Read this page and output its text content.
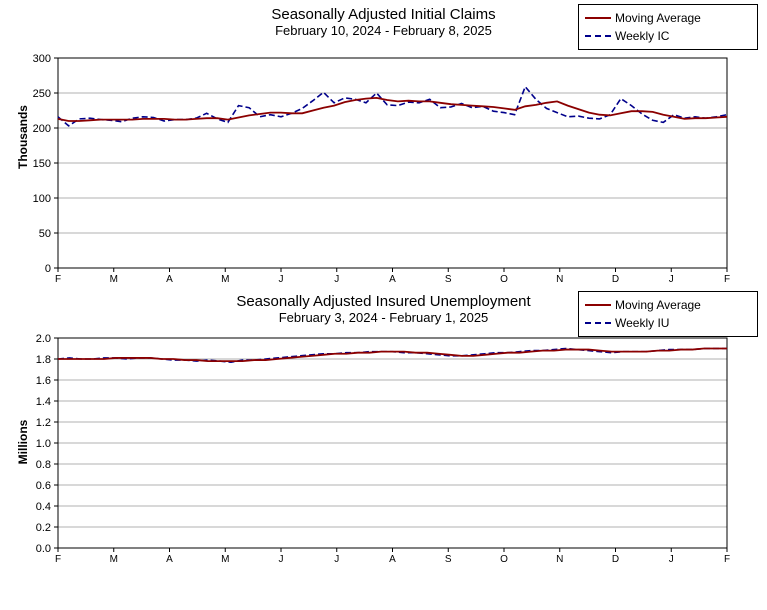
Seasonally Adjusted Initial Claims
February 10, 2024 - February 8, 2025
Moving Average
Weekly IC
Thousands
0
50
100
150
200
250
300
F	M	A	M	J	J	A	S	O	N	D	J	F
Seasonally Adjusted Insured Unemployment
February 3, 2024 - February 1, 2025
Moving Average
Weekly IU
Millions
0.0
0.2
0.4
0.6
0.8
1.0
1.2
1.4
1.6
1.8
2.0
F	M	A	M	J	J	A	S	O	N	D	J	F
